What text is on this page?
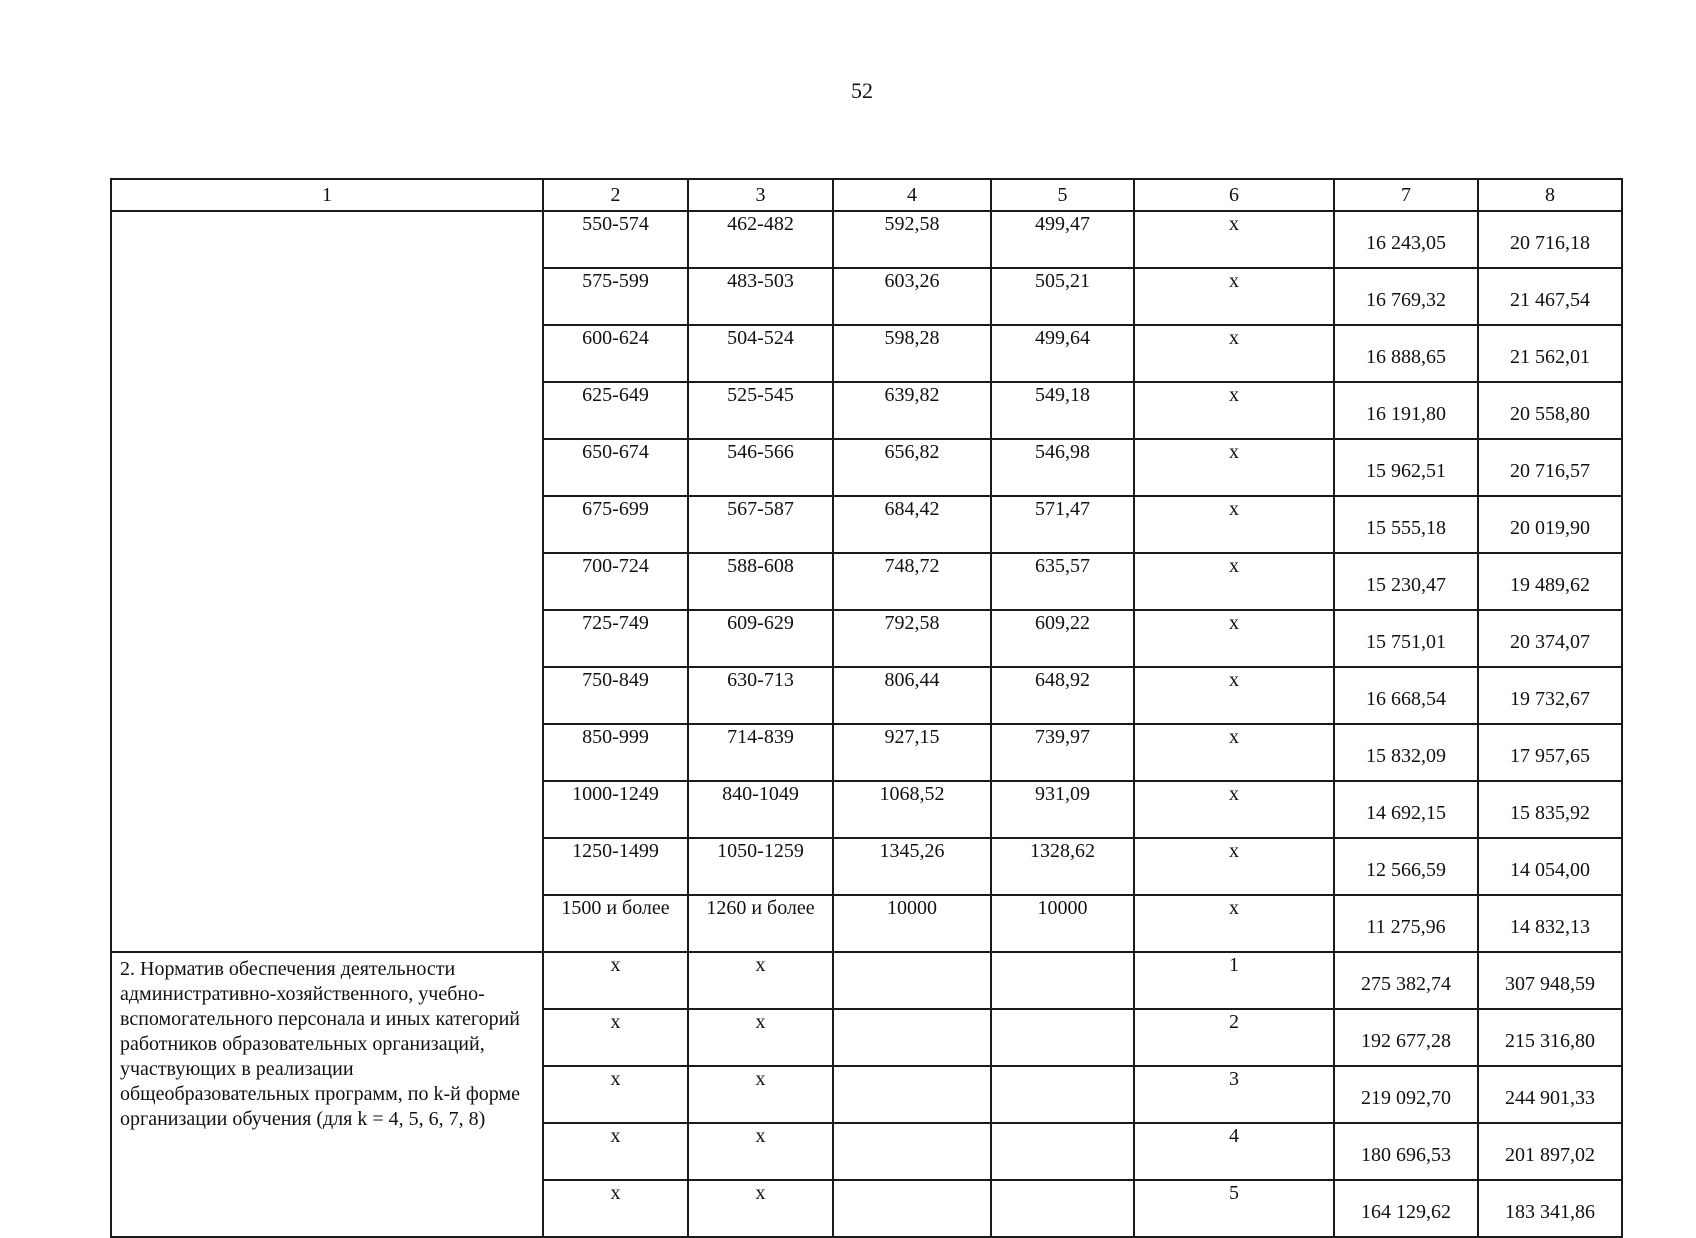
52
1	2	3	4	5	6	7	8
	550-574	462-482	592,58	499,47	x	16 243,05	20 716,18
	575-599	483-503	603,26	505,21	x	16 769,32	21 467,54
	600-624	504-524	598,28	499,64	x	16 888,65	21 562,01
	625-649	525-545	639,82	549,18	x	16 191,80	20 558,80
	650-674	546-566	656,82	546,98	x	15 962,51	20 716,57
	675-699	567-587	684,42	571,47	x	15 555,18	20 019,90
	700-724	588-608	748,72	635,57	x	15 230,47	19 489,62
	725-749	609-629	792,58	609,22	x	15 751,01	20 374,07
	750-849	630-713	806,44	648,92	x	16 668,54	19 732,67
	850-999	714-839	927,15	739,97	x	15 832,09	17 957,65
	1000-1249	840-1049	1068,52	931,09	x	14 692,15	15 835,92
	1250-1499	1050-1259	1345,26	1328,62	x	12 566,59	14 054,00
	1500 и более	1260 и более	10000	10000	x	11 275,96	14 832,13
2. Норматив обеспечения деятельности административно-хозяйственного, учебно-вспомогательного персонала и иных категорий работников образовательных организаций, участвующих в реализации общеобразовательных программ, по k-й форме организации обучения (для k = 4, 5, 6, 7, 8)	x	x			1	275 382,74	307 948,59
	x	x			2	192 677,28	215 316,80
	x	x			3	219 092,70	244 901,33
	x	x			4	180 696,53	201 897,02
	x	x			5	164 129,62	183 341,86
